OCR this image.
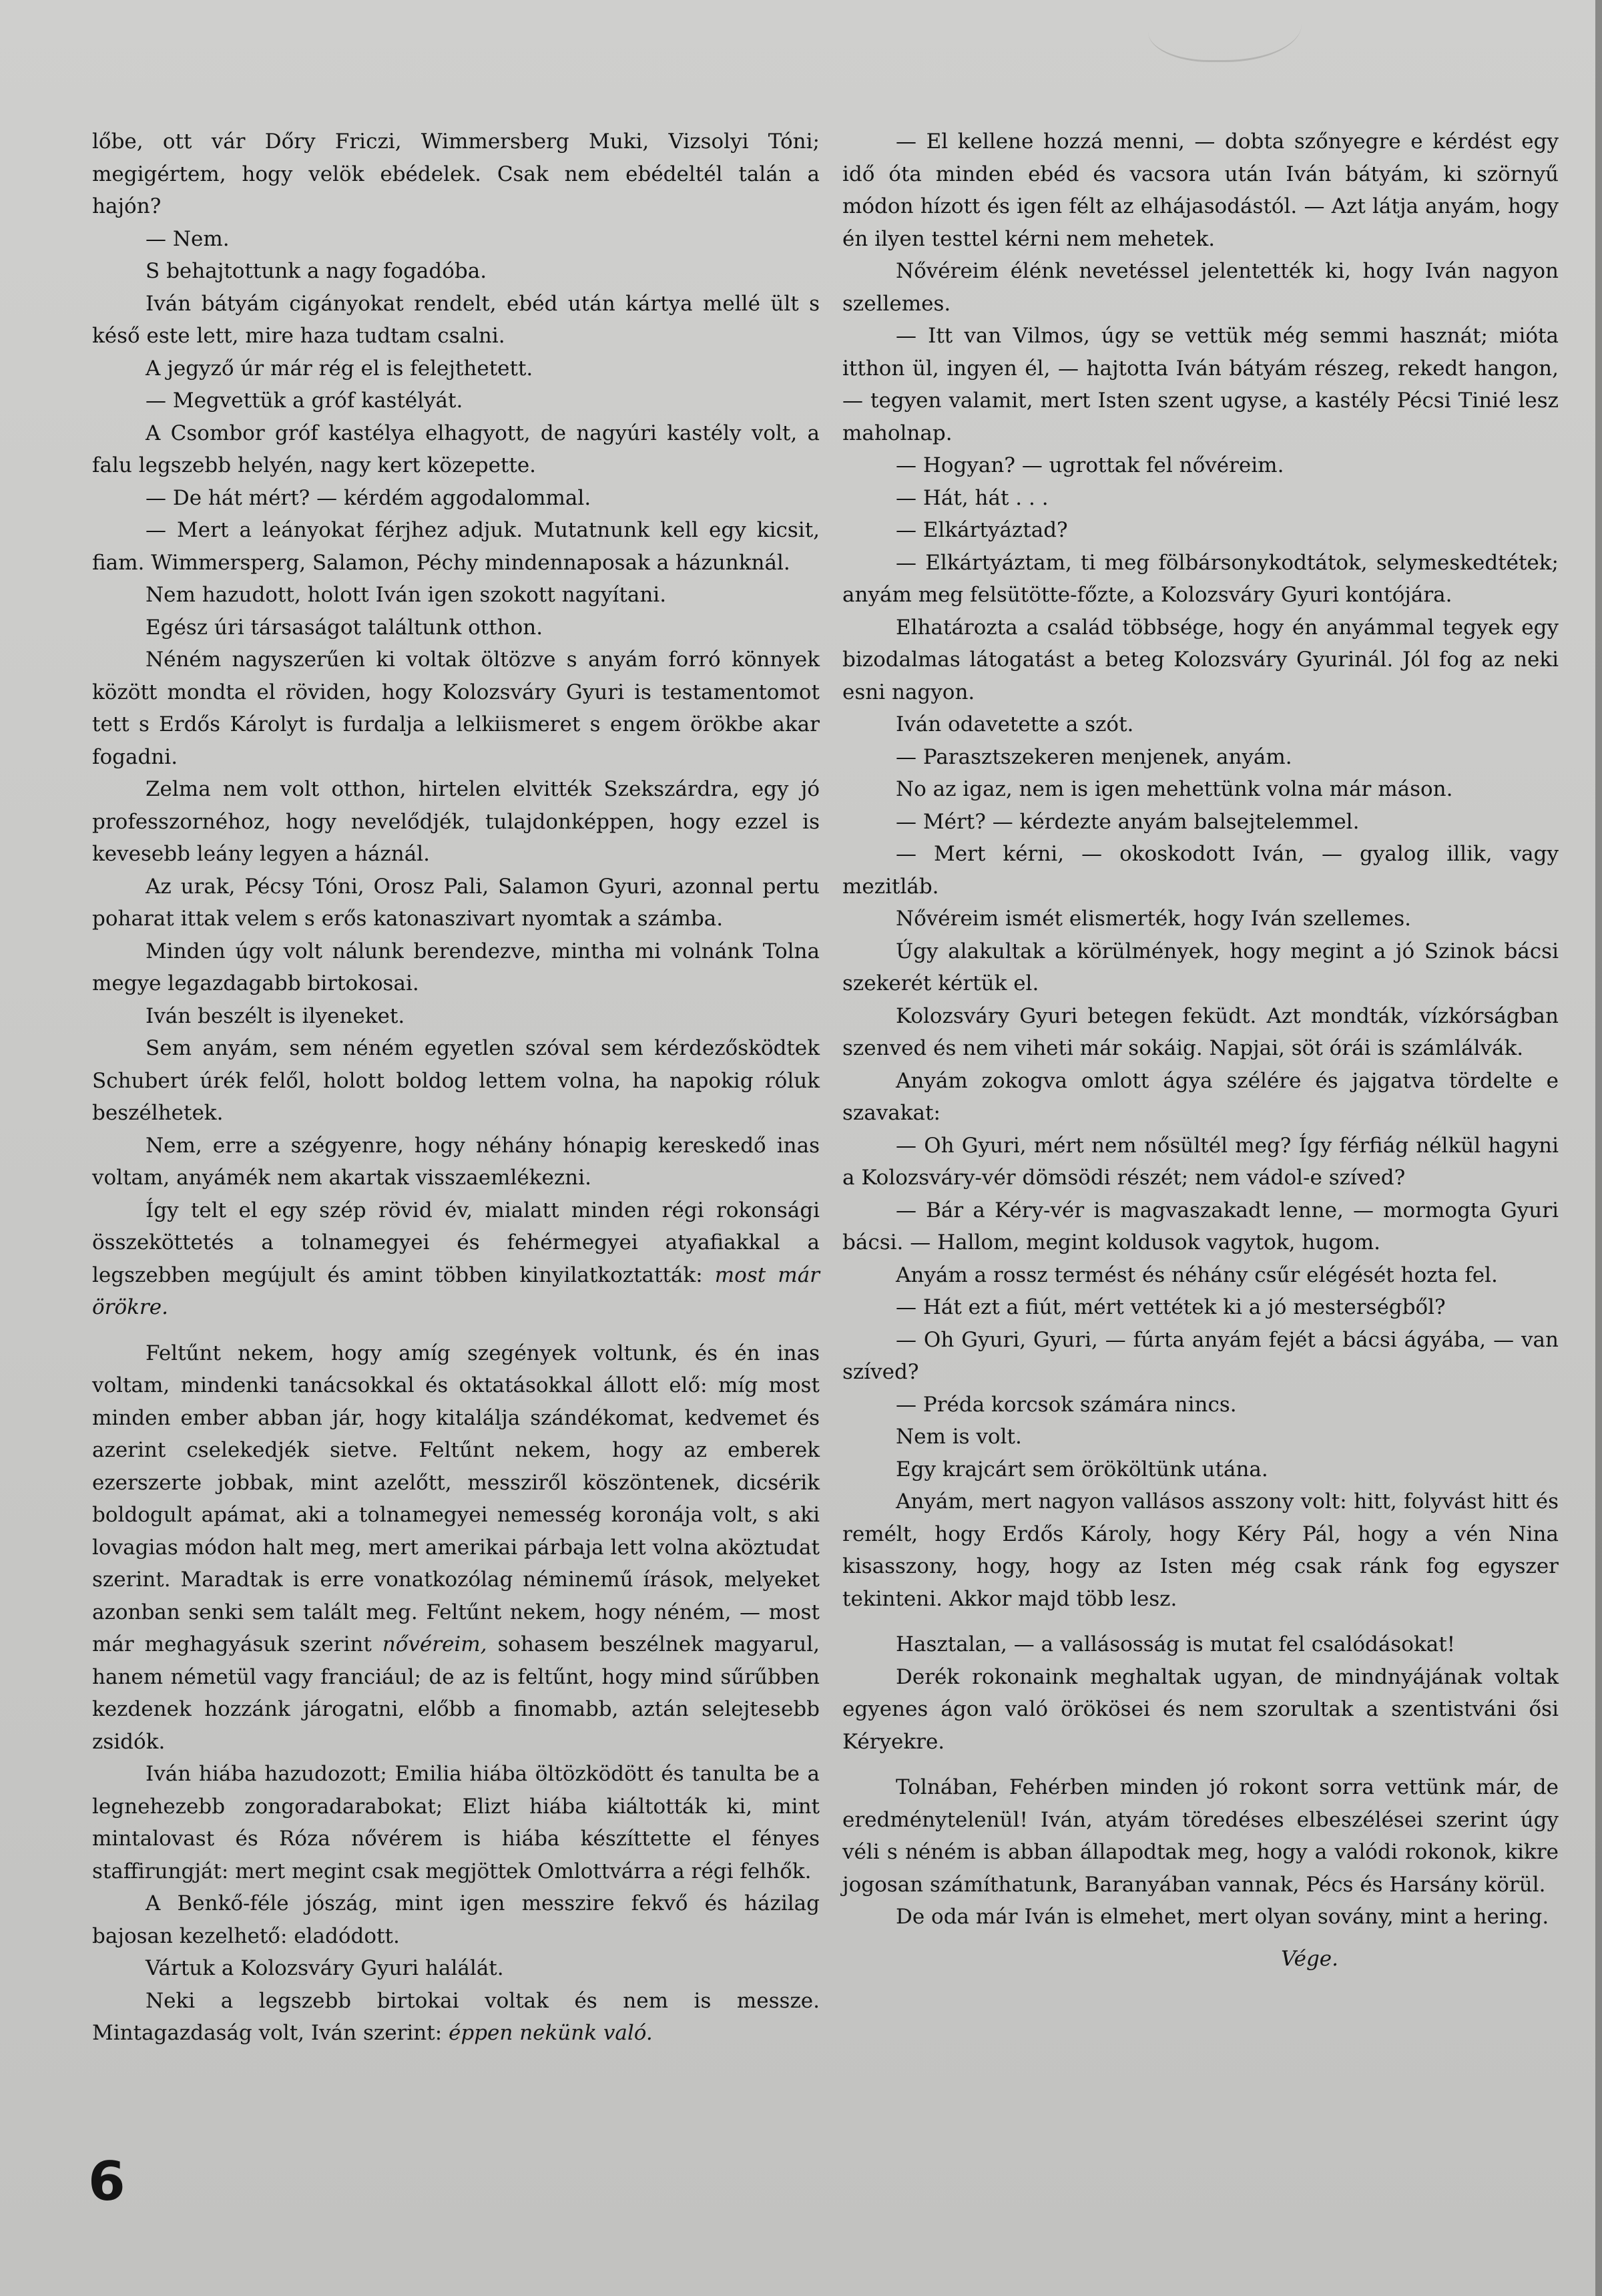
lőbe, ott vár Dőry Friczi, Wimmersberg Muki, Vizsolyi Tóni; megigértem, hogy velök ebédelek. Csak nem ebédeltél talán a hajón?

— Nem.

S behajtottunk a nagy fogadóba.

Iván bátyám cigányokat rendelt, ebéd után kártya mellé ült s késő este lett, mire haza tudtam csalni.

A jegyző úr már rég el is felejthetett.

— Megvettük a gróf kastélyát.

A Csombor gróf kastélya elhagyott, de nagyúri kastély volt, a falu legszebb helyén, nagy kert közepette.

— De hát mért? — kérdém aggodalommal.

— Mert a leányokat férjhez adjuk. Mutatnunk kell egy kicsit, fiam. Wimmersperg, Salamon, Péchy mindennaposak a házunknál.

Nem hazudott, holott Iván igen szokott nagyítani.

Egész úri társaságot találtunk otthon.

Néném nagyszerűen ki voltak öltözve s anyám forró könnyek között mondta el röviden, hogy Kolozsváry Gyuri is testamentomot tett s Erdős Károlyt is furdalja a lelkiismeret s engem örökbe akar fogadni.

Zelma nem volt otthon, hirtelen elvitték Szekszárdra, egy jó professzornéhoz, hogy nevelődjék, tulajdonképpen, hogy ezzel is kevesebb leány legyen a háznál.

Az urak, Pécsy Tóni, Orosz Pali, Salamon Gyuri, azonnal pertu poharat ittak velem s erős katonaszivart nyomtak a számba.

Minden úgy volt nálunk berendezve, mintha mi volnánk Tolna megye legazdagabb birtokosai.

Iván beszélt is ilyeneket.

Sem anyám, sem néném egyetlen szóval sem kérdezősködtek Schubert úrék felől, holott boldog lettem volna, ha napokig róluk beszélhetek.

Nem, erre a szégyenre, hogy néhány hónapig kereskedő inas voltam, anyámék nem akartak visszaemlékezni.

Így telt el egy szép rövid év, mialatt minden régi rokonsági összeköttetés a tolnamegyei és fehérmegyei atyafiakkal a legszebben megújult és amint többen kinyilatkoztatták: most már örökre.

Feltűnt nekem, hogy amíg szegények voltunk, és én inas voltam, mindenki tanácsokkal és oktatásokkal állott elő: míg most minden ember abban jár, hogy kitalálja szándékomat, kedvemet és azerint cselekedjék sietve. Feltűnt nekem, hogy az emberek ezerszerte jobbak, mint azelőtt, messziről köszöntenek, dicsérik boldogult apámat, aki a tolnamegyei nemesség koronája volt, s aki lovagias módon halt meg, mert amerikai párbaja lett volna aköztudat szerint. Maradtak is erre vonatkozólag néminemű írások, melyeket azonban senki sem talált meg. Feltűnt nekem, hogy néném, — most már meghagyásuk szerint nővéreim, sohasem beszélnek magyarul, hanem németül vagy franciául; de az is feltűnt, hogy mind sűrűbben kezdenek hozzánk járogatni, előbb a finomabb, aztán selejtesebb zsidók.

Iván hiába hazudozott; Emilia hiába öltözködött és tanulta be a legnehezebb zongoradarabokat; Elizt hiába kiáltották ki, mint mintalovast és Róza nővérem is hiába készíttette el fényes staffirungját: mert megint csak megjöttek Omlottvárra a régi felhők.

A Benkő-féle jószág, mint igen messzire fekvő és házilag bajosan kezelhető: eladódott.

Vártuk a Kolozsváry Gyuri halálát.

Neki a legszebb birtokai voltak és nem is messze. Mintagazdaság volt, Iván szerint: éppen nekünk való.

— El kellene hozzá menni, — dobta szőnyegre e kérdést egy idő óta minden ebéd és vacsora után Iván bátyám, ki szörnyű módon hízott és igen félt az elhájasodástól. — Azt látja anyám, hogy én ilyen testtel kérni nem mehetek.

Nővéreim élénk nevetéssel jelentették ki, hogy Iván nagyon szellemes.

— Itt van Vilmos, úgy se vettük még semmi hasznát; mióta itthon ül, ingyen él, — hajtotta Iván bátyám részeg, rekedt hangon, — tegyen valamit, mert Isten szent ugyse, a kastély Pécsi Tinié lesz maholnap.

— Hogyan? — ugrottak fel nővéreim.

— Hát, hát . . .

— Elkártyáztad?

— Elkártyáztam, ti meg fölbársonykodtátok, selymeskedtétek; anyám meg felsütötte-főzte, a Kolozsváry Gyuri kontójára.

Elhatározta a család többsége, hogy én anyámmal tegyek egy bizodalmas látogatást a beteg Kolozsváry Gyurinál. Jól fog az neki esni nagyon.

Iván odavetette a szót.

— Parasztszekeren menjenek, anyám.

No az igaz, nem is igen mehettünk volna már máson.

— Mért? — kérdezte anyám balsejtelemmel.

— Mert kérni, — okoskodott Iván, — gyalog illik, vagy mezitláb.

Nővéreim ismét elismerték, hogy Iván szellemes.

Úgy alakultak a körülmények, hogy megint a jó Szinok bácsi szekerét kértük el.

Kolozsváry Gyuri betegen feküdt. Azt mondták, vízkórságban szenved és nem viheti már sokáig. Napjai, söt órái is számlálvák.

Anyám zokogva omlott ágya szélére és jajgatva tördelte e szavakat:

— Oh Gyuri, mért nem nősültél meg? Így férfiág nélkül hagyni a Kolozsváry-vér dömsödi részét; nem vádol-e szíved?

— Bár a Kéry-vér is magvaszakadt lenne, — mormogta Gyuri bácsi. — Hallom, megint koldusok vagytok, hugom.

Anyám a rossz termést és néhány csűr elégését hozta fel.

— Hát ezt a fiút, mért vettétek ki a jó mesterségből?

— Oh Gyuri, Gyuri, — fúrta anyám fejét a bácsi ágyába, — van szíved?

— Préda korcsok számára nincs.

Nem is volt.

Egy krajcárt sem örököltünk utána.

Anyám, mert nagyon vallásos asszony volt: hitt, folyvást hitt és remélt, hogy Erdős Károly, hogy Kéry Pál, hogy a vén Nina kisasszony, hogy, hogy az Isten még csak ránk fog egyszer tekinteni. Akkor majd több lesz.

Hasztalan, — a vallásosság is mutat fel csalódásokat!

Derék rokonaink meghaltak ugyan, de mindnyájának voltak egyenes ágon való örökösei és nem szorultak a szentistváni ősi Kéryekre.

Tolnában, Fehérben minden jó rokont sorra vettünk már, de eredménytelenül! Iván, atyám töredéses elbeszélései szerint úgy véli s néném is abban állapodtak meg, hogy a valódi rokonok, kikre jogosan számíthatunk, Baranyában vannak, Pécs és Harsány körül.

De oda már Iván is elmehet, mert olyan sovány, mint a hering.

Vége.

6
